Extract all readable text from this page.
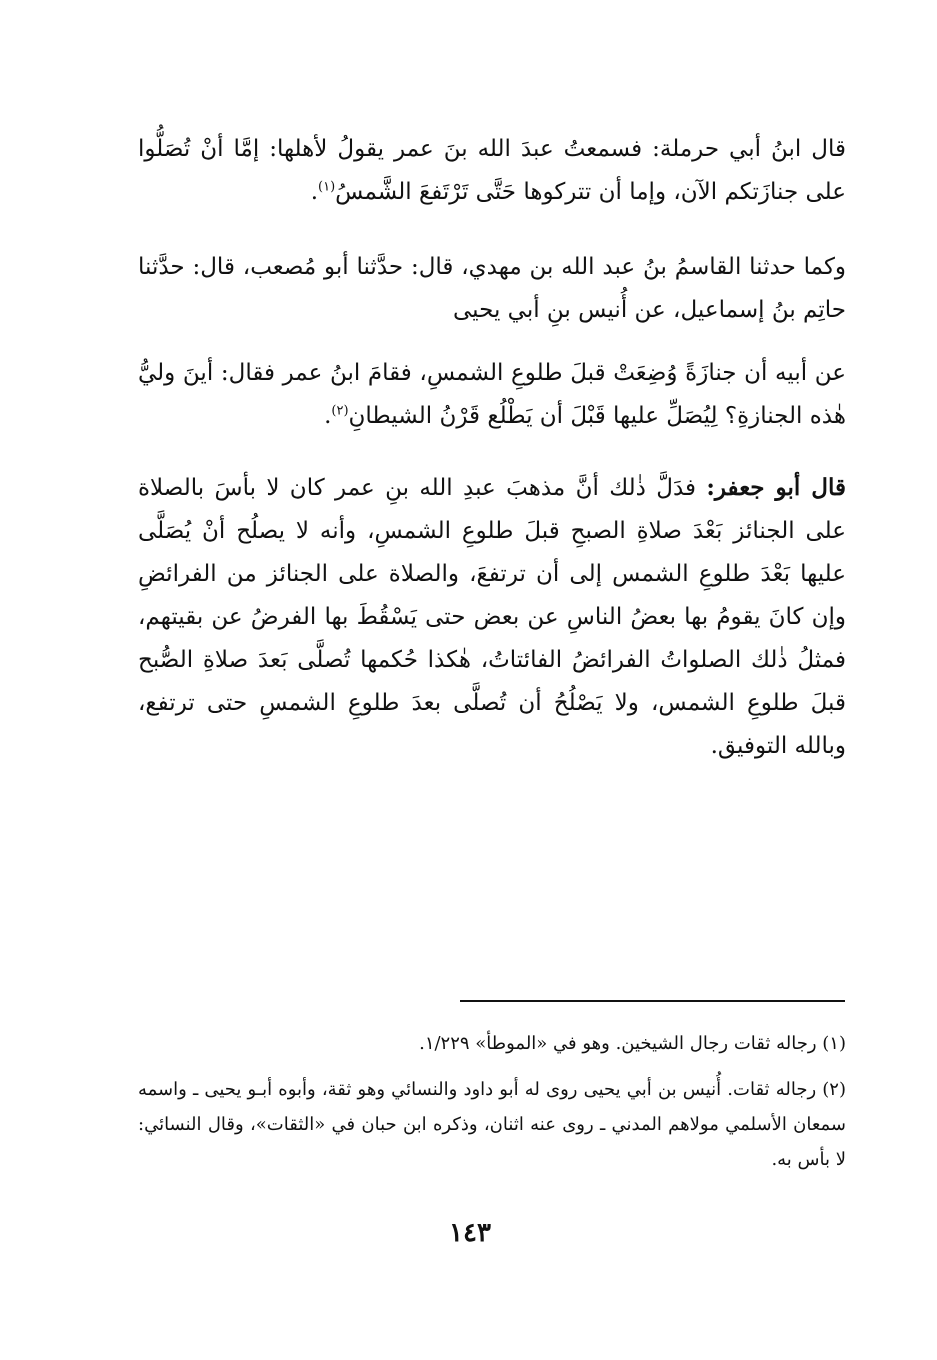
قال ابنُ أبي حرملة: فسمعتُ عبدَ الله بنَ عمر يقولُ لأهلها: إمَّا أنْ تُصَلُّوا على جنازَتكم الآن، وإما أن تتركوها حَتَّى تَرْتَفعَ الشَّمسُ$^{(١)}$.

وكما حدثنا القاسمُ بنُ عبد الله بن مهدي، قال: حدَّثنا أبو مُصعب، قال: حدَّثنا حاتِم بنُ إسماعيل، عن أُنيس بنِ أبي يحيى

عن أبيه أن جنازَةً وُضِعَتْ قبلَ طلوعِ الشمسِ، فقامَ ابنُ عمر فقال: أينَ وليُّ هٰذه الجنازةِ؟ لِيُصَلِّ عليها قَبْلَ أن يَطْلُع قَرْنُ الشيطانِ$^{(٢)}$.

قال أبو جعفر: فدَلَّ ذٰلك أنَّ مذهبَ عبدِ الله بنِ عمر كان لا بأسَ بالصلاة على الجنائز بَعْدَ صلاةِ الصبحِ قبلَ طلوعِ الشمسِ، وأنه لا يصلُح أنْ يُصَلَّى عليها بَعْدَ طلوعِ الشمس إلى أن ترتفعَ، والصلاة على الجنائز من الفرائضِ وإن كانَ يقومُ بها بعضُ الناسِ عن بعض حتى يَسْقُطَ بها الفرضُ عن بقيتهم، فمثلُ ذٰلك الصلواتُ الفرائضُ الفائتاتُ، هٰكذا حُكمها تُصلَّى بَعدَ صلاةِ الصُّبح قبلَ طلوعِ الشمس، ولا يَصْلُحُ أن تُصلَّى بعدَ طلوعِ الشمسِ حتى ترتفع، وبالله التوفيق.

(١) رجاله ثقات رجال الشيخين. وهو في «الموطأ» ١/٢٢٩.

(٢) رجاله ثقات. أُنيس بن أبي يحيى روى له أبو داود والنسائي وهو ثقة، وأبوه أبـو يحيى ـ واسمه سمعان الأسلمي مولاهم المدني ـ روى عنه اثنان، وذكره ابن حبان في «الثقات»، وقال النسائي: لا بأس به.

١٤٣
